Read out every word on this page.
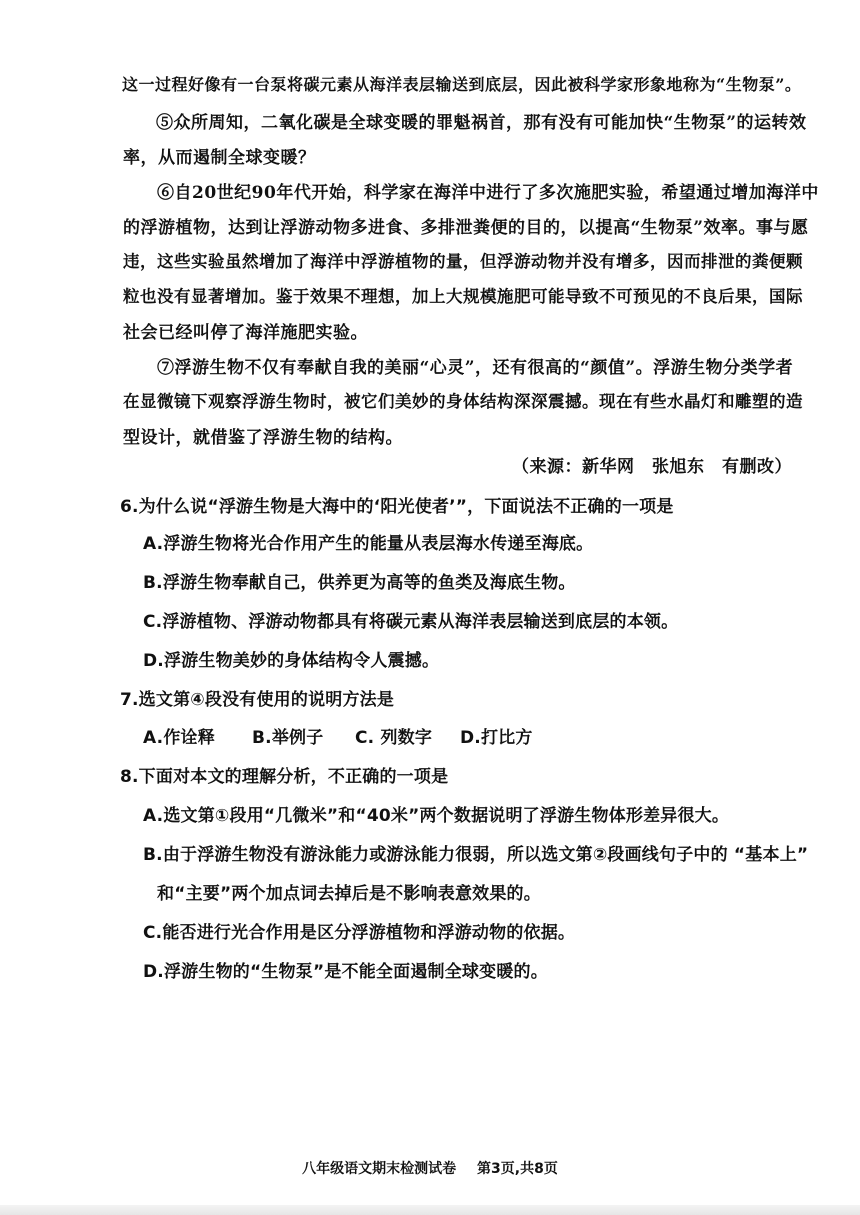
这一过程好像有一台泵将碳元素从海洋表层输送到底层，因此被科学家形象地称为“生物泵”。
⑤众所周知，二氧化碳是全球变暖的罪魁祸首，那有没有可能加快“生物泵”的运转效
率，从而遏制全球变暖？
⑥自20世纪90年代开始，科学家在海洋中进行了多次施肥实验，希望通过增加海洋中
的浮游植物，达到让浮游动物多进食、多排泄粪便的目的，以提高“生物泵”效率。事与愿
违，这些实验虽然增加了海洋中浮游植物的量，但浮游动物并没有增多，因而排泄的粪便颗
粒也没有显著增加。鉴于效果不理想，加上大规模施肥可能导致不可预见的不良后果，国际
社会已经叫停了海洋施肥实验。
⑦浮游生物不仅有奉献自我的美丽“心灵”，还有很高的“颜值”。浮游生物分类学者
在显微镜下观察浮游生物时，被它们美妙的身体结构深深震撼。现在有些水晶灯和雕塑的造
型设计，就借鉴了浮游生物的结构。
（来源：新华网　张旭东　有删改）
6.为什么说“浮游生物是大海中的‘阳光使者’”，下面说法不正确的一项是
A.浮游生物将光合作用产生的能量从表层海水传递至海底。
B.浮游生物奉献自己，供养更为高等的鱼类及海底生物。
C.浮游植物、浮游动物都具有将碳元素从海洋表层输送到底层的本领。
D.浮游生物美妙的身体结构令人震撼。
7.选文第④段没有使用的说明方法是
A.作诠释 B.举例子 C. 列数字 D.打比方
8.下面对本文的理解分析，不正确的一项是
A.选文第①段用“几微米”和“40米”两个数据说明了浮游生物体形差异很大。
B.由于浮游生物没有游泳能力或游泳能力很弱，所以选文第②段画线句子中的 “基本上”
和“主要”两个加点词去掉后是不影响表意效果的。
C.能否进行光合作用是区分浮游植物和浮游动物的依据。
D.浮游生物的“生物泵”是不能全面遏制全球变暖的。
八年级语文期末检测试卷 第3页,共8页
